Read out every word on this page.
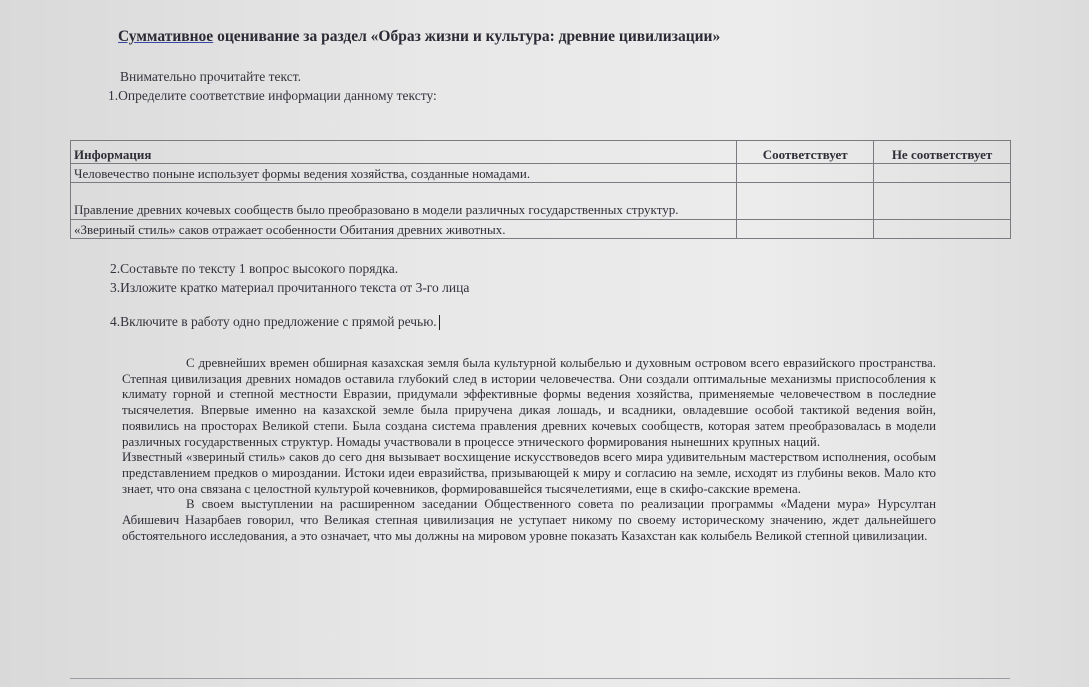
Суммативное оценивание за раздел «Образ жизни и культура: древние цивилизации»
Внимательно прочитайте текст.
1.Определите соответствие информации данному тексту:
Информация	Соответствует	Не соответствует
Человечество поныне использует формы ведения хозяйства, созданные номадами.		
Правление древних кочевых сообществ было преобразовано в модели различных государственных структур.		
«Звериный стиль» саков отражает особенности Обитания древних животных.		
2.Составьте по тексту 1 вопрос высокого порядка.
3.Изложите кратко материал прочитанного текста от 3-го лица
4.Включите в работу одно предложение с прямой речью.

С древнейших времен обширная казахская земля была культурной колыбелью и духовным островом всего евразийского пространства. Степная цивилизация древних номадов оставила глубокий след в истории человечества. Они создали оптимальные механизмы приспособления к климату горной и степной местности Евразии, придумали эффективные формы ведения хозяйства, применяемые человечеством в последние тысячелетия. Впервые именно на казахской земле была приручена дикая лошадь, и всадники, овладевшие особой тактикой ведения войн, появились на просторах Великой степи. Была создана система правления древних кочевых сообществ, которая затем преобразовалась в модели различных государственных структур. Номады участвовали в процессе этнического формирования нынешних крупных наций.

Известный «звериный стиль» саков до сего дня вызывает восхищение искусствоведов всего мира удивительным мастерством исполнения, особым представлением предков о мироздании. Истоки идеи евразийства, призывающей к миру и согласию на земле, исходят из глубины веков. Мало кто знает, что она связана с целостной культурой кочевников, формировавшейся тысячелетиями, еще в скифо-сакские времена.

В своем выступлении на расширенном заседании Общественного совета по реализации программы «Мадени мура» Нурсултан Абишевич Назарбаев говорил, что Великая степная цивилизация не уступает никому по своему историческому значению, ждет дальнейшего обстоятельного исследования, а это означает, что мы должны на мировом уровне показать Казахстан как колыбель Великой степной цивилизации.
